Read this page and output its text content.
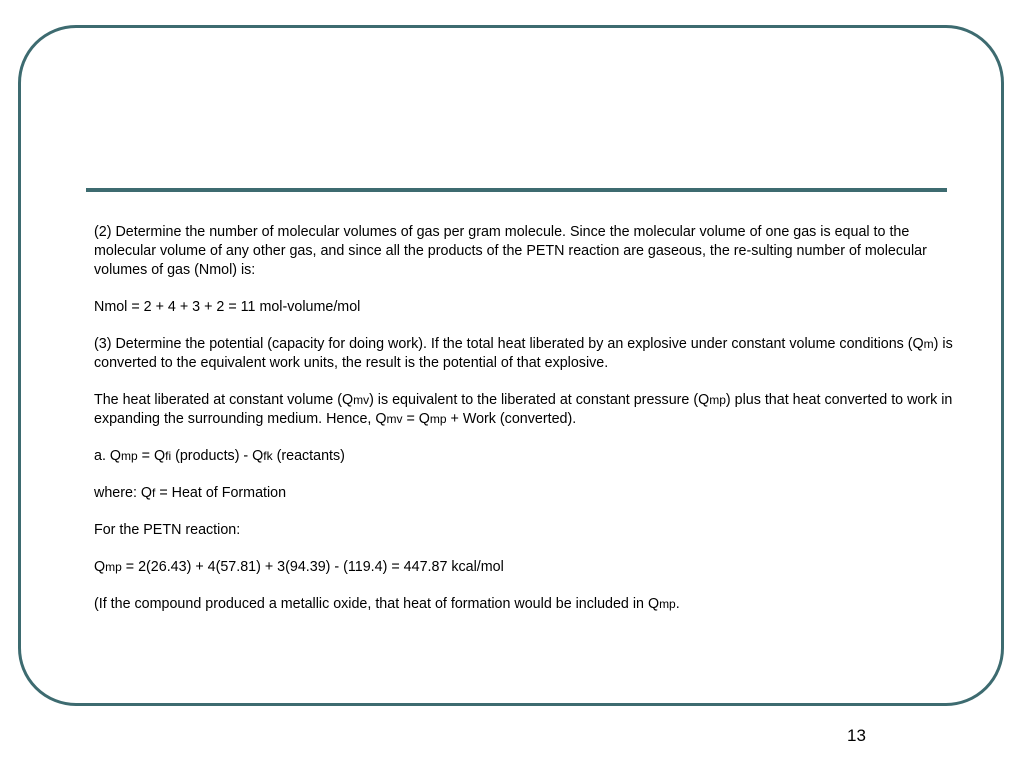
(2) Determine the number of molecular volumes of gas per gram molecule. Since the molecular volume of one gas is equal to the molecular volume of any other gas, and since all the products of the PETN reaction are gaseous, the re-sulting number of molecular volumes of gas (Nmol) is:

Nmol = 2 + 4 + 3 + 2 = 11 mol-volume/mol

(3) Determine the potential (capacity for doing work). If the total heat liberated by an explosive under constant volume conditions (Qm) is converted to the equivalent work units, the result is the potential of that explosive.

The heat liberated at constant volume (Qmv) is equivalent to the liberated at constant pressure (Qmp) plus that heat converted to work in expanding the surrounding medium. Hence, Qmv = Qmp + Work (converted).

a. Qmp = Qfi (products) - Qfk (reactants)

where: Qf = Heat of Formation

For the PETN reaction:

Qmp = 2(26.43) + 4(57.81) + 3(94.39) - (119.4) = 447.87 kcal/mol

(If the compound produced a metallic oxide, that heat of formation would be included in Qmp.

13
